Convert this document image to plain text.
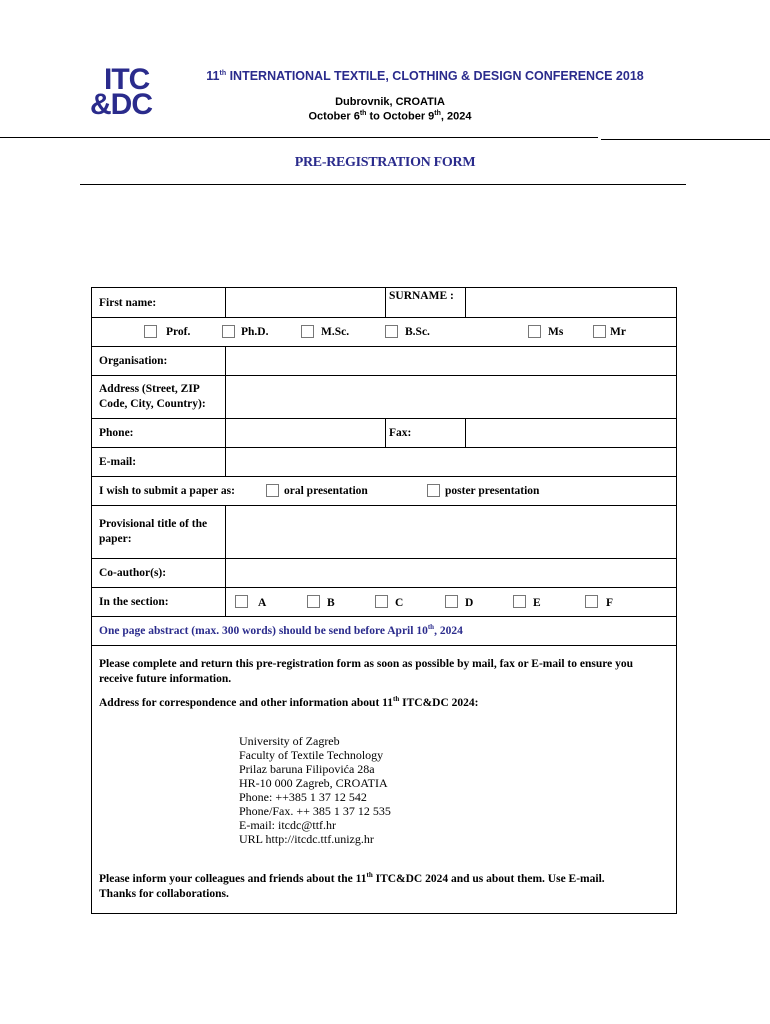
ITC
&DC
11th INTERNATIONAL TEXTILE, CLOTHING & DESIGN CONFERENCE 2018
Dubrovnik, CROATIA
October 6th to October 9th, 2024
PRE-REGISTRATION FORM
First name:
SURNAME :
Prof.	Ph.D.	M.Sc.	B.Sc.	Ms	Mr
Organisation:
Address (Street, ZIP Code, City, Country):
Phone:	Fax:
E-mail:
I wish to submit a paper as:	oral presentation	poster presentation
Provisional title of the paper:
Co-author(s):
In the section:	A	B	C	D	E	F
One page abstract (max. 300 words) should be send before April 10th, 2024
Please complete and return this pre-registration form as soon as possible by mail, fax or E-mail to ensure you receive future information.
Address for correspondence and other information about 11th ITC&DC 2024:
University of Zagreb
Faculty of Textile Technology
Prilaz baruna Filipovića 28a
HR-10 000 Zagreb, CROATIA
Phone: ++385 1 37 12 542
Phone/Fax. ++ 385 1 37 12 535
E-mail: itcdc@ttf.hr
URL http://itcdc.ttf.unizg.hr
Please inform your colleagues and friends about the 11th ITC&DC 2024 and us about them. Use E-mail.
Thanks for collaborations.
